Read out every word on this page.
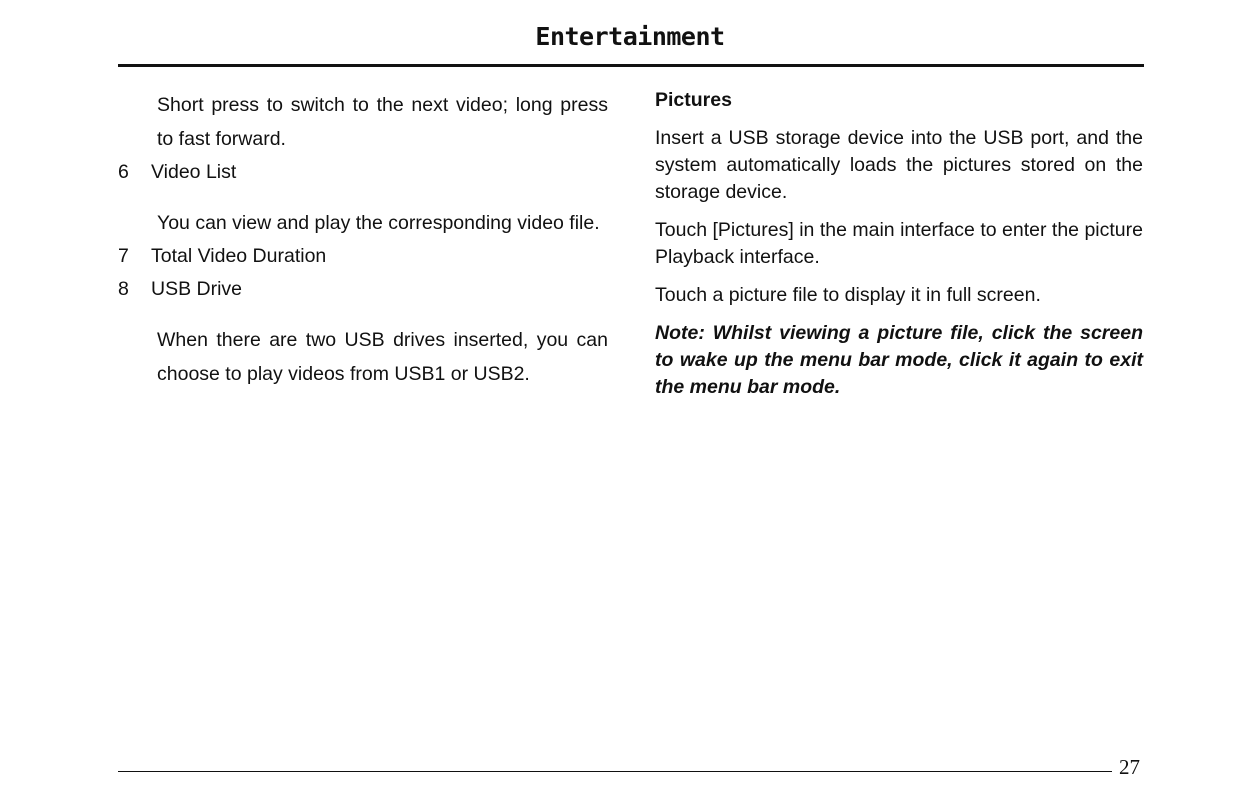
Entertainment
Short press to switch to the next video; long press to fast forward.
6	Video List
You can view and play the corresponding video file.
7	Total Video Duration
8	USB Drive
When there are two USB drives inserted, you can choose to play videos from USB1 or USB2.

Pictures

Insert a USB storage device into the USB port, and the system automatically loads the pictures stored on the storage device.

Touch [Pictures] in the main interface to enter the picture Playback interface.

Touch a picture file to display it in full screen.

Note: Whilst viewing a picture file, click the screen to wake up the menu bar mode, click it again to exit the menu bar mode.

27
